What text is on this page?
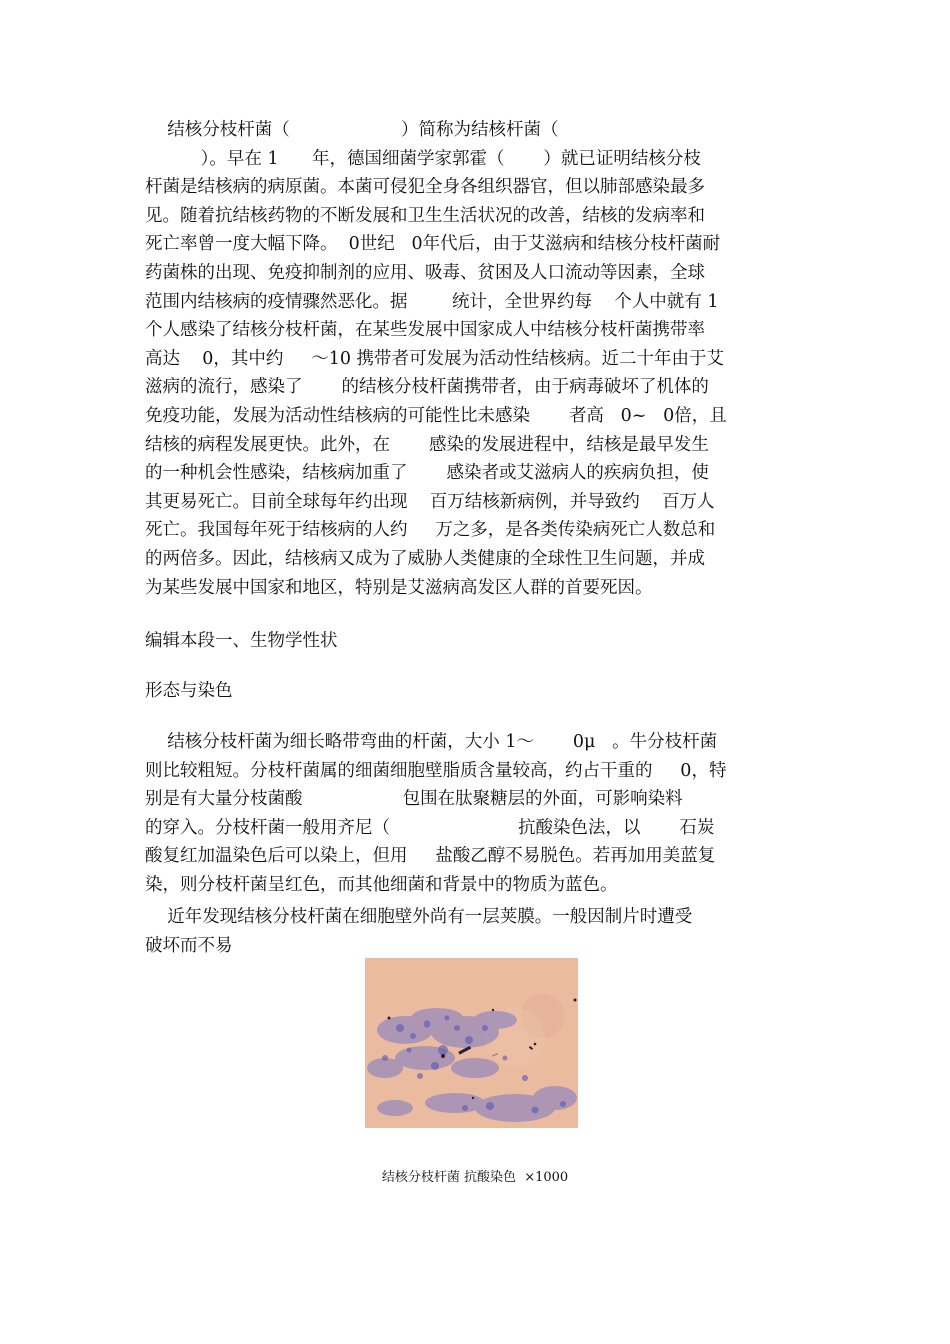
结核分枝杆菌（                    ）简称为结核杆菌（
）。早在 1      年，德国细菌学家郭霍（       ）就已证明结核分枝
杆菌是结核病的病原菌。本菌可侵犯全身各组织器官，但以肺部感染最多
见。随着抗结核药物的不断发展和卫生生活状况的改善，结核的发病率和
死亡率曾一度大幅下降。  0世纪   0年代后，由于艾滋病和结核分枝杆菌耐
药菌株的出现、免疫抑制剂的应用、吸毒、贫困及人口流动等因素，全球
范围内结核病的疫情骤然恶化。据        统计，全世界约每    个人中就有 1
个人感染了结核分枝杆菌，在某些发展中国家成人中结核分枝杆菌携带率
高达    0，其中约     ～10 携带者可发展为活动性结核病。近二十年由于艾
滋病的流行，感染了       的结核分枝杆菌携带者，由于病毒破坏了机体的
免疫功能，发展为活动性结核病的可能性比未感染       者高   0~   0倍，且
结核的病程发展更快。此外，在       感染的发展进程中，结核是最早发生
的一种机会性感染，结核病加重了       感染者或艾滋病人的疾病负担，使
其更易死亡。目前全球每年约出现    百万结核新病例，并导致约    百万人
死亡。我国每年死于结核病的人约     万之多，是各类传染病死亡人数总和
的两倍多。因此，结核病又成为了威胁人类健康的全球性卫生问题，并成
为某些发展中国家和地区，特别是艾滋病高发区人群的首要死因。
编辑本段一、生物学性状
形态与染色
结核分枝杆菌为细长略带弯曲的杆菌，大小 1～       0μ   。牛分枝杆菌
则比较粗短。分枝杆菌属的细菌细胞壁脂质含量较高，约占干重的     0，特
别是有大量分枝菌酸                  包围在肽聚糖层的外面，可影响染料
的穿入。分枝杆菌一般用齐尼（                       抗酸染色法，以       石炭
酸复红加温染色后可以染上，但用     盐酸乙醇不易脱色。若再加用美蓝复
染，则分枝杆菌呈红色，而其他细菌和背景中的物质为蓝色。
近年发现结核分枝杆菌在细胞壁外尚有一层荚膜。一般因制片时遭受
破坏而不易
结核分枝杆菌 抗酸染色  ×1000
